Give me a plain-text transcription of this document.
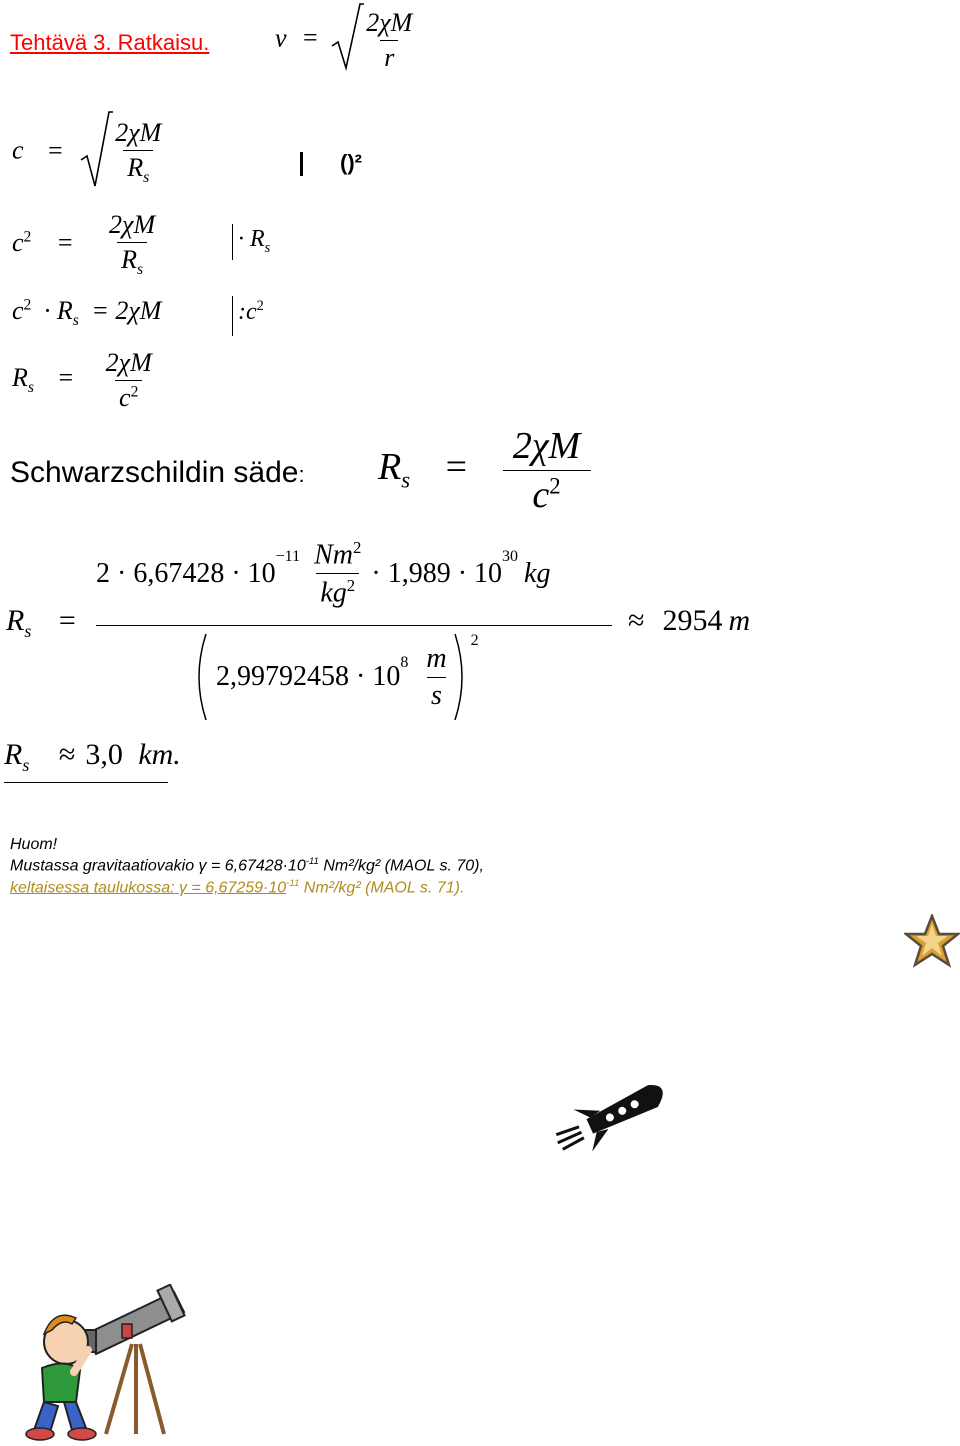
Tehtävä 3. Ratkaisu.	$v = \frac{2\chi M}{r}$
$c = \frac{2\chi M}{R_s}$	()²
$c^2 = \frac{2\chi M}{R_s}$	· $R_s$
$c^2 \cdot R_s = 2\chi M$	$:c^2$
$R_s = \frac{2\chi M}{c^2}$
Schwarzschildin säde: $R_s = \frac{2\chi M}{c^2}$
$R_s$ =
2 · 6,67428 · 10
$^{-11} \frac{Nm^2}{kg^2} \cdot 1,989 \cdot 10$
$^{30}$
kg
$2,99792458 \cdot 10^8 \frac{m}{s}$
$^2$
≈ 2954 m
$R_s \approx 3,0$ km.
Huom!
Mustassa gravitaatiovakio $\gamma = 6,67428\cdot 10^{-11}$ Nm²/kg² (MAOL s. 70),
keltaisessa taulukossa: $\gamma = 6,67259\cdot 10^{-11}$ Nm²/kg² (MAOL s. 71).
